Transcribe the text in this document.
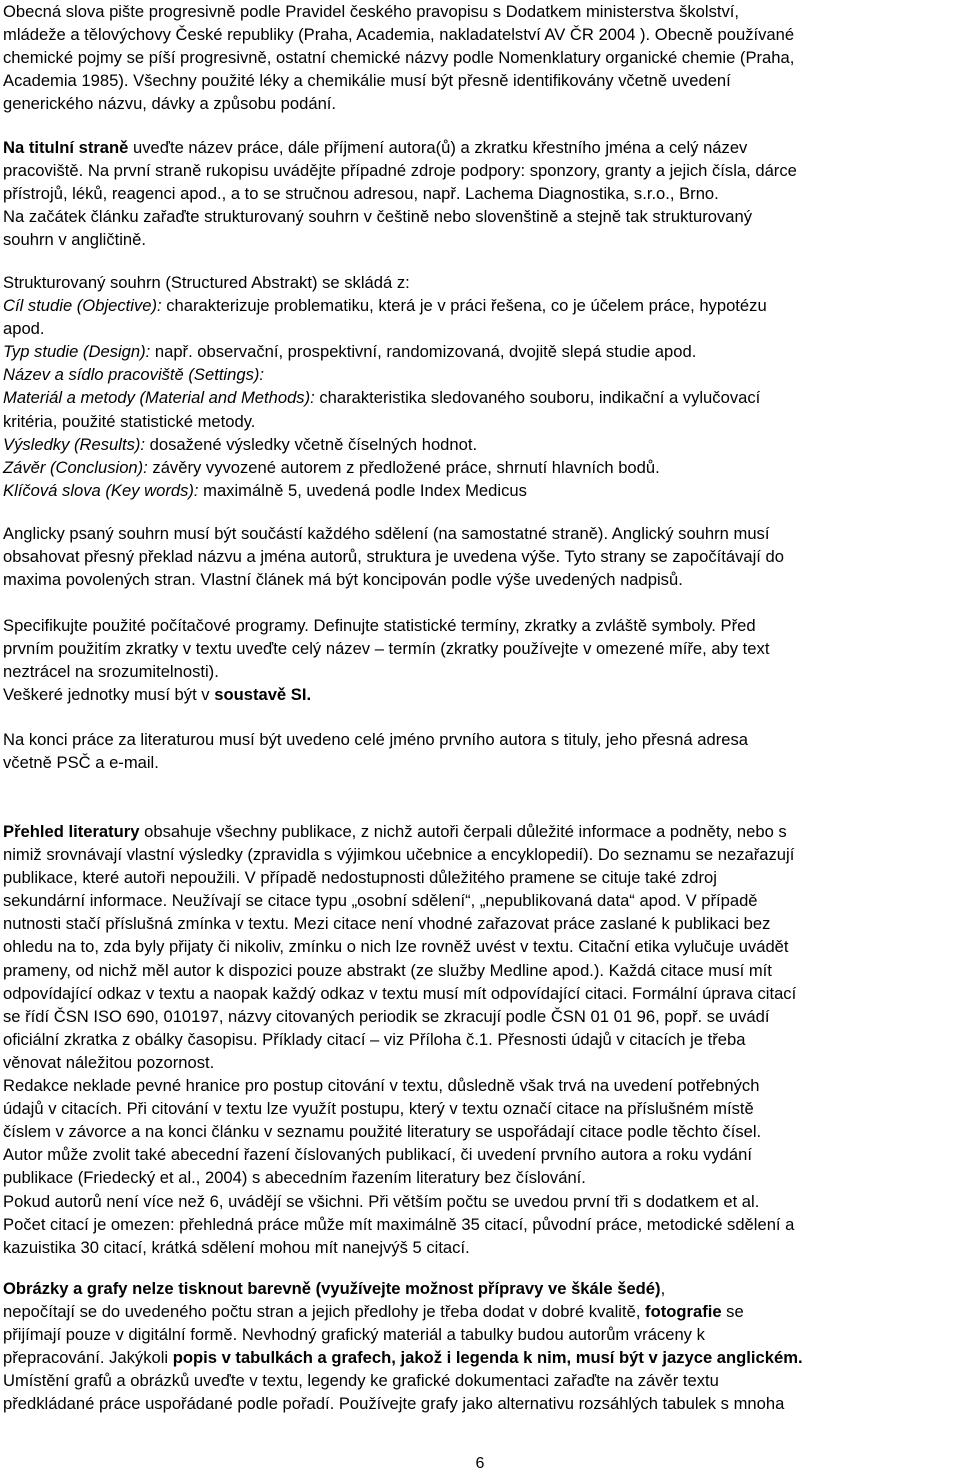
Obecná slova pište progresivně podle Pravidel českého pravopisu s Dodatkem ministerstva školství,
mládeže a tělovýchovy České republiky (Praha, Academia, nakladatelství AV ČR 2004 ). Obecně používané
chemické pojmy se píší progresivně, ostatní chemické názvy podle Nomenklatury organické chemie (Praha,
Academia 1985). Všechny použité léky a chemikálie musí být přesně identifikovány včetně uvedení
generického názvu, dávky a způsobu podání.
Na titulní straně uveďte název práce, dále příjmení autora(ů) a zkratku křestního jména a celý název
pracoviště. Na první straně rukopisu uvádějte případné zdroje podpory: sponzory, granty a jejich čísla, dárce
přístrojů, léků, reagenci apod., a to se stručnou adresou, např. Lachema Diagnostika, s.r.o., Brno.
Na začátek článku zařaďte strukturovaný souhrn v češtině nebo slovenštině a stejně tak strukturovaný
souhrn v angličtině.
Strukturovaný souhrn (Structured Abstrakt) se skládá z:
Cíl studie (Objective): charakterizuje problematiku, která je v práci řešena, co je účelem práce, hypotézu
apod.
Typ studie (Design): např. observační, prospektivní, randomizovaná, dvojitě slepá studie apod.
Název a sídlo pracoviště (Settings):
Materiál a metody (Material and Methods): charakteristika sledovaného souboru, indikační a vylučovací
kritéria, použité statistické metody.
Výsledky (Results): dosažené výsledky včetně číselných hodnot.
Závěr (Conclusion): závěry vyvozené autorem z předložené práce, shrnutí hlavních bodů.
Klíčová slova (Key words): maximálně 5, uvedená podle Index Medicus
Anglicky psaný souhrn musí být součástí každého sdělení (na samostatné straně). Anglický souhrn musí
obsahovat přesný překlad názvu a jména autorů, struktura je uvedena výše. Tyto strany se započítávají do
maxima povolených stran. Vlastní článek má být koncipován podle výše uvedených nadpisů.
Specifikujte použité počítačové programy. Definujte statistické termíny, zkratky a zvláště symboly. Před
prvním použitím zkratky v textu uveďte celý název – termín (zkratky používejte v omezené míře, aby text
neztrácel na srozumitelnosti).
Veškeré jednotky musí být v soustavě SI.
Na konci práce za literaturou musí být uvedeno celé jméno prvního autora s tituly, jeho přesná adresa
včetně PSČ a e-mail.
Přehled literatury obsahuje všechny publikace, z nichž autoři čerpali důležité informace a podněty, nebo s
nimiž srovnávají vlastní výsledky (zpravidla s výjimkou učebnice a encyklopedií). Do seznamu se nezařazují
publikace, které autoři nepoužili. V případě nedostupnosti důležitého pramene se cituje také zdroj
sekundární informace. Neužívají se citace typu „osobní sdělení“, „nepublikovaná data“ apod. V případě
nutnosti stačí příslušná zmínka v textu. Mezi citace není vhodné zařazovat práce zaslané k publikaci bez
ohledu na to, zda byly přijaty či nikoliv, zmínku o nich lze rovněž uvést v textu. Citační etika vylučuje uvádět
prameny, od nichž měl autor k dispozici pouze abstrakt (ze služby Medline apod.). Každá citace musí mít
odpovídající odkaz v textu a naopak každý odkaz v textu musí mít odpovídající citaci. Formální úprava citací
se řídí ČSN ISO 690, 010197, názvy citovaných periodik se zkracují podle ČSN 01 01 96, popř. se uvádí
oficiální zkratka z obálky časopisu. Příklady citací – viz Příloha č.1. Přesnosti údajů v citacích je třeba
věnovat náležitou pozornost.
Redakce neklade pevné hranice pro postup citování v textu, důsledně však trvá na uvedení potřebných
údajů v citacích. Při citování v textu lze využít postupu, který v textu označí citace na příslušném místě
číslem v závorce a na konci článku v seznamu použité literatury se uspořádají citace podle těchto čísel.
Autor může zvolit také abecední řazení číslovaných publikací, či uvedení prvního autora a roku vydání
publikace (Friedecký et al., 2004) s abecedním řazením literatury bez číslování.
Pokud autorů není více než 6, uvádějí se všichni. Při větším počtu se uvedou první tři s dodatkem et al.
Počet citací je omezen: přehledná práce může mít maximálně 35 citací, původní práce, metodické sdělení a
kazuistika 30 citací, krátká sdělení mohou mít nanejvýš 5 citací.
Obrázky a grafy nelze tisknout barevně (využívejte možnost přípravy ve škále šedé),
nepočítají se do uvedeného počtu stran a jejich předlohy je třeba dodat v dobré kvalitě, fotografie se
přijímají pouze v digitální formě. Nevhodný grafický materiál a tabulky budou autorům vráceny k
přepracování. Jakýkoli popis v tabulkách a grafech, jakož i legenda k nim, musí být v jazyce anglickém.
Umístění grafů a obrázků uveďte v textu, legendy ke grafické dokumentaci zařaďte na závěr textu
předkládané práce uspořádané podle pořadí. Používejte grafy jako alternativu rozsáhlých tabulek s mnoha
6
